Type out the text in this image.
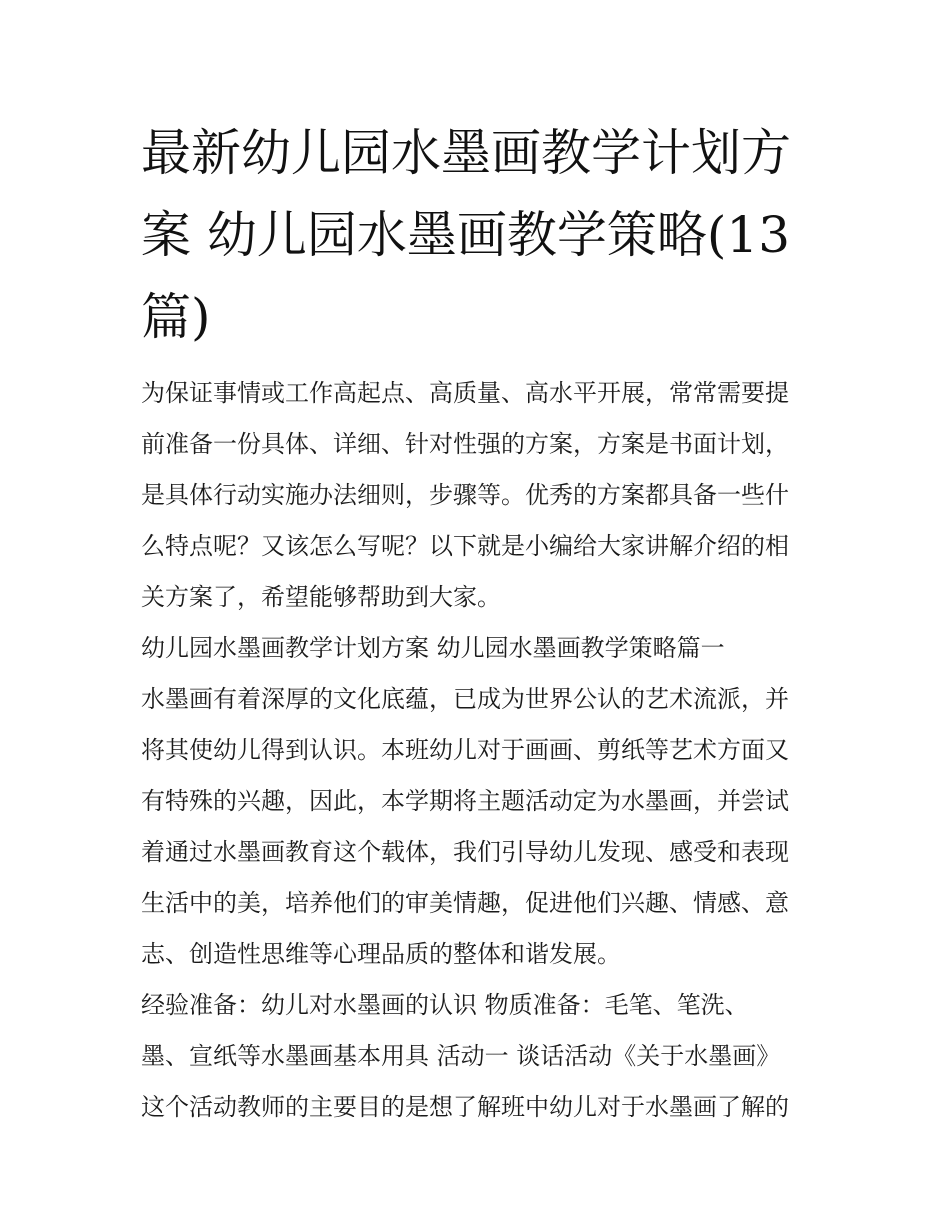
最新幼儿园水墨画教学计划方
案 幼儿园水墨画教学策略(13
篇)

为保证事情或工作高起点、高质量、高水平开展，常常需要提
前准备一份具体、详细、针对性强的方案，方案是书面计划，
是具体行动实施办法细则，步骤等。优秀的方案都具备一些什
么特点呢？又该怎么写呢？以下就是小编给大家讲解介绍的相
关方案了，希望能够帮助到大家。

幼儿园水墨画教学计划方案 幼儿园水墨画教学策略篇一

水墨画有着深厚的文化底蕴，已成为世界公认的艺术流派，并
将其使幼儿得到认识。本班幼儿对于画画、剪纸等艺术方面又
有特殊的兴趣，因此，本学期将主题活动定为水墨画，并尝试
着通过水墨画教育这个载体，我们引导幼儿发现、感受和表现
生活中的美，培养他们的审美情趣，促进他们兴趣、情感、意
志、创造性思维等心理品质的整体和谐发展。

经验准备：幼儿对水墨画的认识 物质准备：毛笔、笔洗、
墨、宣纸等水墨画基本用具 活动一 谈话活动《关于水墨画》
这个活动教师的主要目的是想了解班中幼儿对于水墨画了解的
